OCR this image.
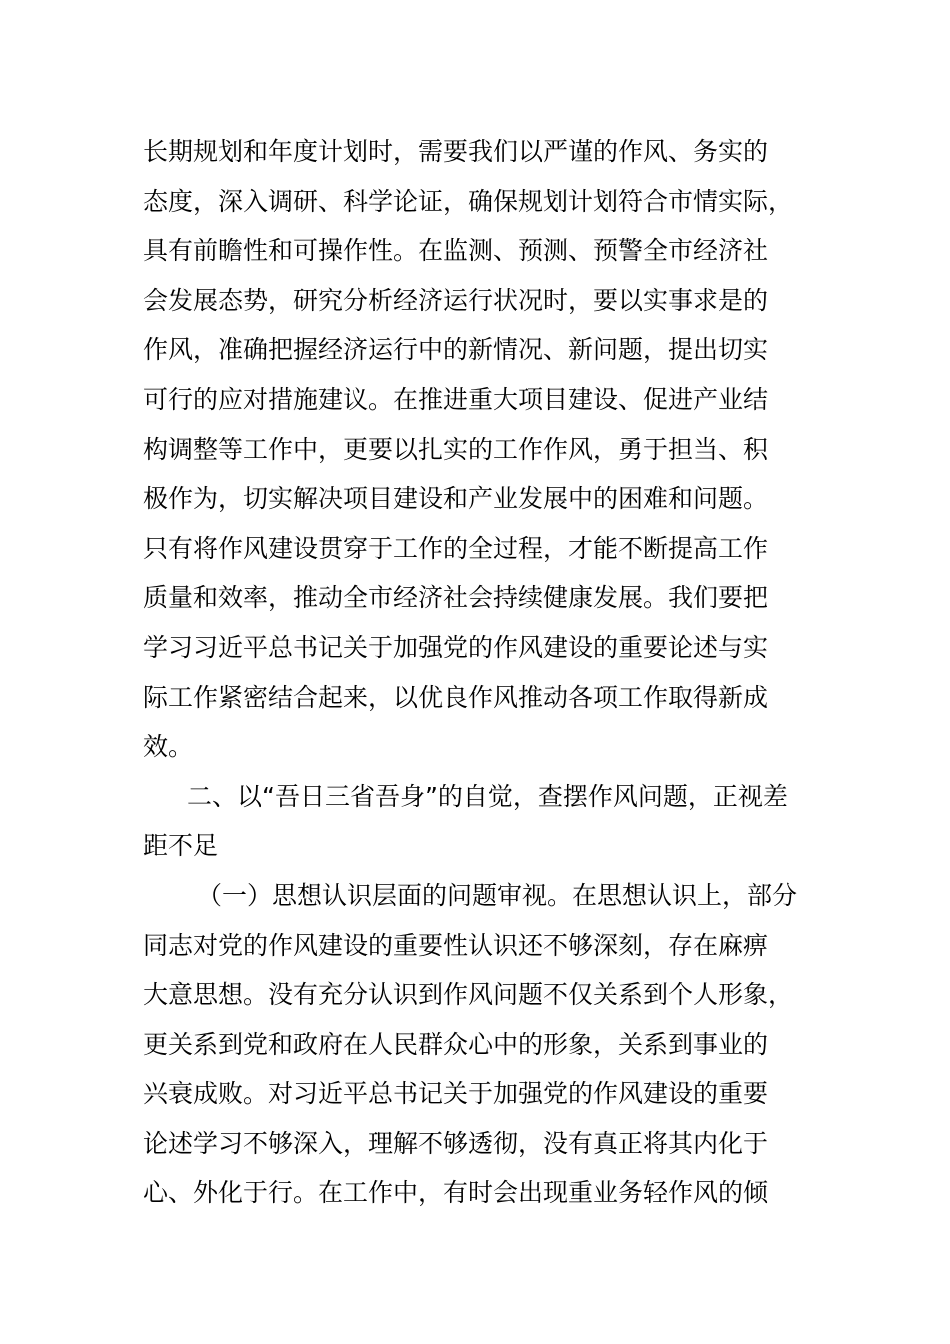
长期规划和年度计划时，需要我们以严谨的作风、务实的
态度，深入调研、科学论证，确保规划计划符合市情实际，
具有前瞻性和可操作性。在监测、预测、预警全市经济社
会发展态势，研究分析经济运行状况时，要以实事求是的
作风，准确把握经济运行中的新情况、新问题，提出切实
可行的应对措施建议。在推进重大项目建设、促进产业结
构调整等工作中，更要以扎实的工作作风，勇于担当、积
极作为，切实解决项目建设和产业发展中的困难和问题。
只有将作风建设贯穿于工作的全过程，才能不断提高工作
质量和效率，推动全市经济社会持续健康发展。我们要把
学习习近平总书记关于加强党的作风建设的重要论述与实
际工作紧密结合起来，以优良作风推动各项工作取得新成
效。
二、以“吾日三省吾身”的自觉，查摆作风问题，正视差
距不足
（一）思想认识层面的问题审视。在思想认识上，部分
同志对党的作风建设的重要性认识还不够深刻，存在麻痹
大意思想。没有充分认识到作风问题不仅关系到个人形象，
更关系到党和政府在人民群众心中的形象，关系到事业的
兴衰成败。对习近平总书记关于加强党的作风建设的重要
论述学习不够深入，理解不够透彻，没有真正将其内化于
心、外化于行。在工作中，有时会出现重业务轻作风的倾
